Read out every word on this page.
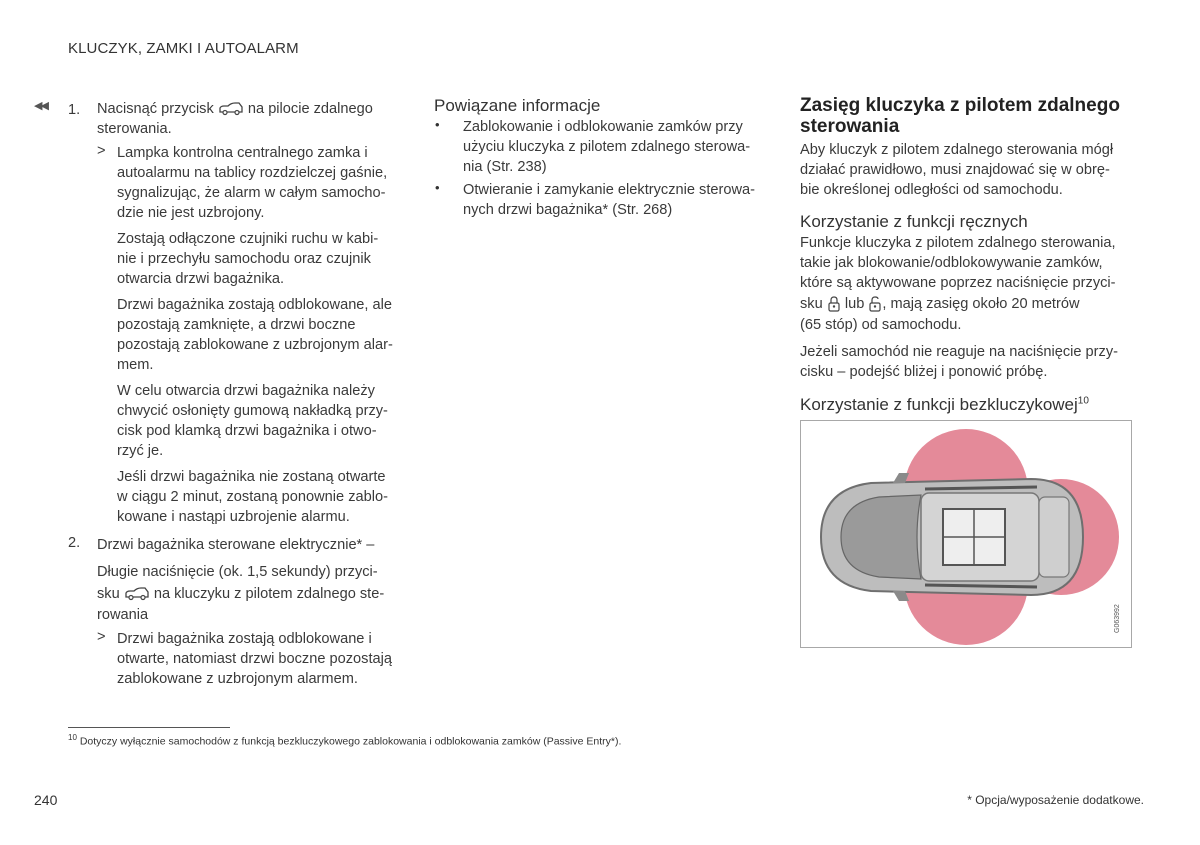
KLUCZYK, ZAMKI I AUTOALARM
◀◀ 1. Nacisnąć przycisk na pilocie zdalnego
sterowania.
> Lampka kontrolna centralnego zamka i
autoalarmu na tablicy rozdzielczej gaśnie,
sygnalizując, że alarm w całym samocho-
dzie nie jest uzbrojony.
Zostają odłączone czujniki ruchu w kabi-
nie i przechyłu samochodu oraz czujnik
otwarcia drzwi bagażnika.
Drzwi bagażnika zostają odblokowane, ale
pozostają zamknięte, a drzwi boczne
pozostają zablokowane z uzbrojonym alar-
mem.
W celu otwarcia drzwi bagażnika należy
chwycić osłonięty gumową nakładką przy-
cisk pod klamką drzwi bagażnika i otwo-
rzyć je.
Jeśli drzwi bagażnika nie zostaną otwarte
w ciągu 2 minut, zostaną ponownie zablo-
kowane i nastąpi uzbrojenie alarmu.
2. Drzwi bagażnika sterowane elektrycznie* –
Długie naciśnięcie (ok. 1,5 sekundy) przyci-
sku na kluczyku z pilotem zdalnego ste-
rowania
> Drzwi bagażnika zostają odblokowane i
otwarte, natomiast drzwi boczne pozostają
zablokowane z uzbrojonym alarmem.
Powiązane informacje
• Zablokowanie i odblokowanie zamków przy
użyciu kluczyka z pilotem zdalnego sterowa-
nia (Str. 238)
• Otwieranie i zamykanie elektrycznie sterowa-
nych drzwi bagażnika* (Str. 268)
Zasięg kluczyka z pilotem zdalnego
sterowania
Aby kluczyk z pilotem zdalnego sterowania mógł
działać prawidłowo, musi znajdować się w obrę-
bie określonej odległości od samochodu.
Korzystanie z funkcji ręcznych
Funkcje kluczyka z pilotem zdalnego sterowania,
takie jak blokowanie/odblokowywanie zamków,
które są aktywowane poprzez naciśnięcie przyci-
sku lub , mają zasięg około 20 metrów
(65 stóp) od samochodu.
Jeżeli samochód nie reaguje na naciśnięcie przy-
cisku – podejść bliżej i ponowić próbę.
Korzystanie z funkcji bezkluczykowej$^{10}$
G063992
$^{10}$ Dotyczy wyłącznie samochodów z funkcją bezkluczykowego zablokowania i odblokowania zamków (Passive Entry*).
240	* Opcja/wyposażenie dodatkowe.
